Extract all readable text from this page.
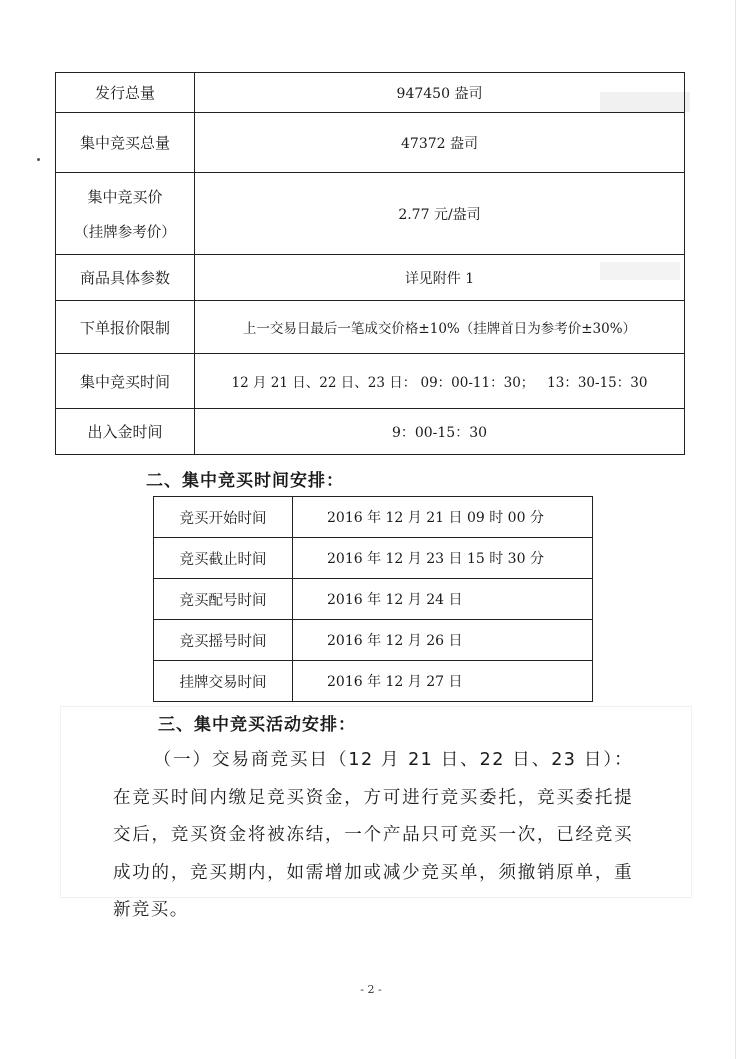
发行总量	947450 盎司
集中竞买总量	47372 盎司
集中竞买价
（挂牌参考价）	2.77 元/盎司
商品具体参数	详见附件 1
下单报价限制	上一交易日最后一笔成交价格±10%（挂牌首日为参考价±30%）
集中竞买时间	12 月 21 日、22 日、23 日： 09：00-11：30；   13：30-15：30
出入金时间	9：00-15：30
二、集中竞买时间安排：
竞买开始时间	2016 年 12 月 21 日 09 时 00 分
竞买截止时间	2016 年 12 月 23 日 15 时 30 分
竞买配号时间	2016 年 12 月 24 日
竞买摇号时间	2016 年 12 月 26 日
挂牌交易时间	2016 年 12 月 27 日
三、集中竞买活动安排：
（一）交易商竞买日（12 月 21 日、22 日、23 日）：在竞买时间内缴足竞买资金，方可进行竞买委托，竞买委托提交后，竞买资金将被冻结，一个产品只可竞买一次，已经竞买成功的，竞买期内，如需增加或减少竞买单，须撤销原单，重新竞买。
- 2 -
